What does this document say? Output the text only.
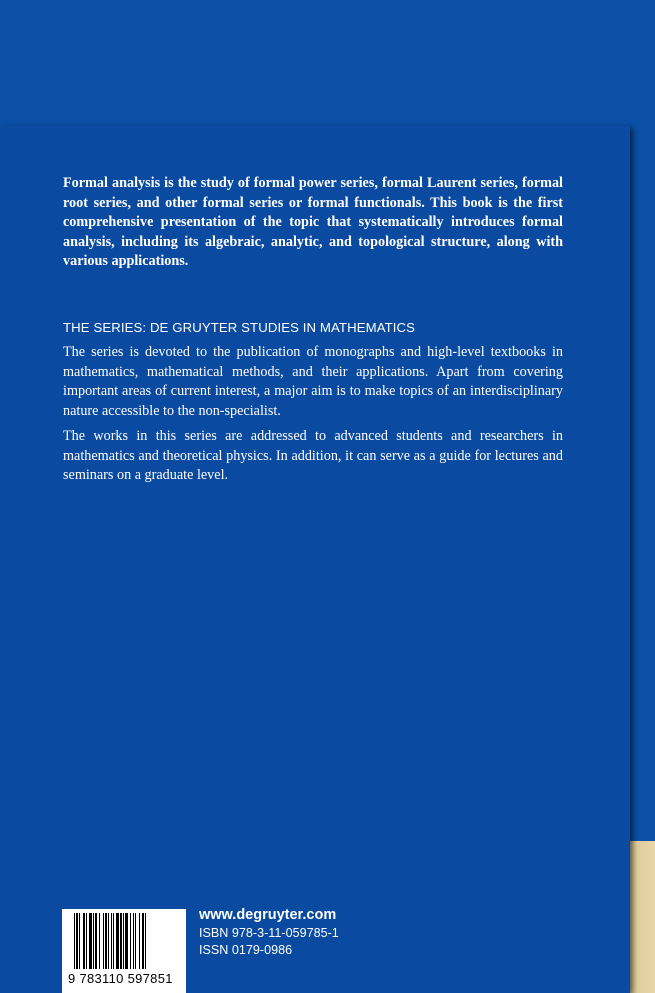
Formal analysis is the study of formal power series, formal Laurent series, formal root series, and other formal series or formal functionals. This book is the first comprehensive presentation of the topic that systematically introduces formal analysis, including its algebraic, analytic, and topological structure, along with various applications.

THE SERIES: DE GRUYTER STUDIES IN MATHEMATICS

The series is devoted to the publication of monographs and high-level textbooks in mathematics, mathematical methods, and their applications. Apart from covering important areas of current interest, a major aim is to make topics of an interdisciplinary nature accessible to the non-specialist.

The works in this series are addressed to advanced students and researchers in mathematics and theoretical physics. In addition, it can serve as a guide for lectures and seminars on a graduate level.

9 783110 597851
www.degruyter.com
ISBN 978-3-11-059785-1
ISSN 0179-0986
